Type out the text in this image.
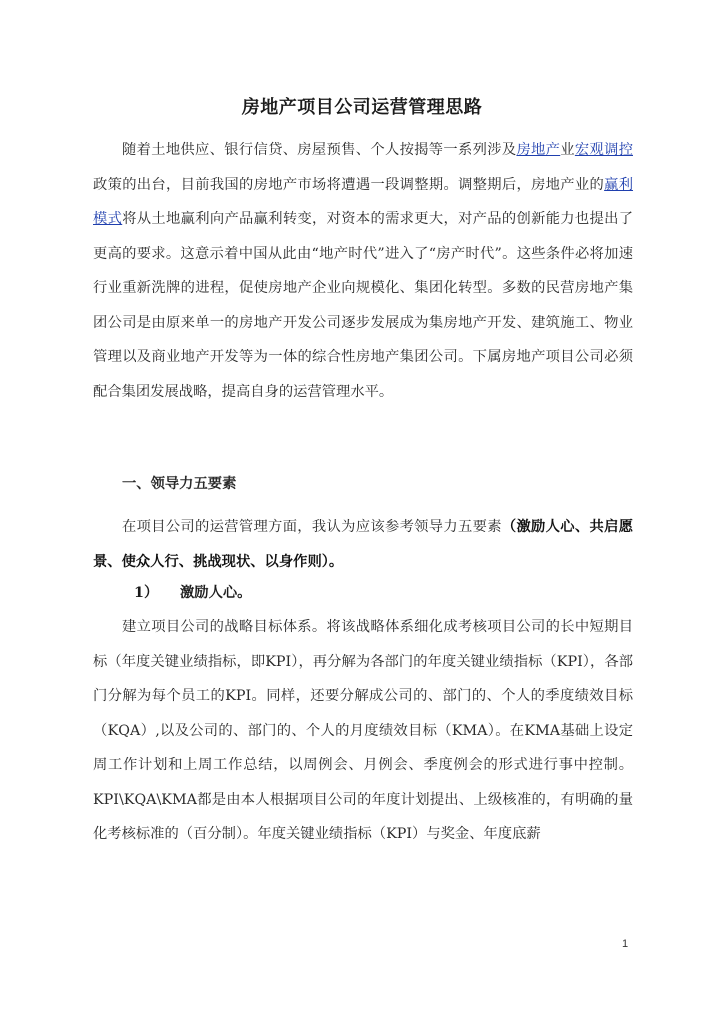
房地产项目公司运营管理思路
随着土地供应、银行信贷、房屋预售、个人按揭等一系列涉及房地产业宏观调控政策的出台，目前我国的房地产市场将遭遇一段调整期。调整期后，房地产业的赢利模式将从土地赢利向产品赢利转变，对资本的需求更大，对产品的创新能力也提出了更高的要求。这意示着中国从此由“地产时代”进入了“房产时代”。这些条件必将加速行业重新洗牌的进程，促使房地产企业向规模化、集团化转型。多数的民营房地产集团公司是由原来单一的房地产开发公司逐步发展成为集房地产开发、建筑施工、物业管理以及商业地产开发等为一体的综合性房地产集团公司。下属房地产项目公司必须配合集团发展战略，提高自身的运营管理水平。
一、领导力五要素
在项目公司的运营管理方面，我认为应该参考领导力五要素（激励人心、共启愿景、使众人行、挑战现状、以身作则）。
1） 激励人心。
建立项目公司的战略目标体系。将该战略体系细化成考核项目公司的长中短期目标（年度关键业绩指标，即KPI），再分解为各部门的年度关键业绩指标（KPI），各部门分解为每个员工的KPI。同样，还要分解成公司的、部门的、个人的季度绩效目标（KQA）,以及公司的、部门的、个人的月度绩效目标（KMA）。在KMA基础上设定周工作计划和上周工作总结，以周例会、月例会、季度例会的形式进行事中控制。KPI\KQA\KMA都是由本人根据项目公司的年度计划提出、上级核准的，有明确的量化考核标准的（百分制）。年度关键业绩指标（KPI）与奖金、年度底薪
1
